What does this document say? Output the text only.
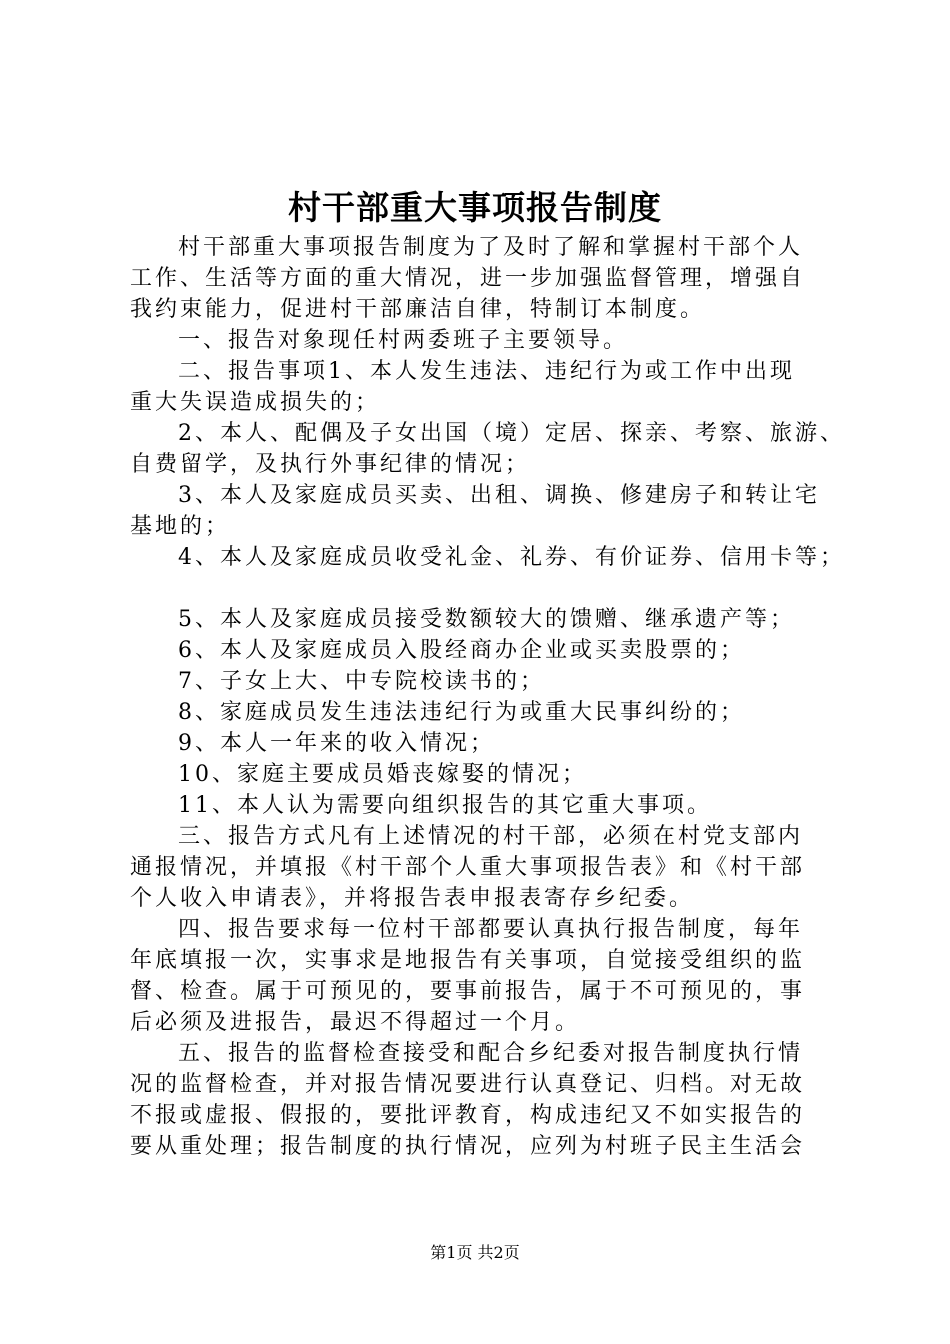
村干部重大事项报告制度

村干部重大事项报告制度为了及时了解和掌握村干部个人

工作、生活等方面的重大情况，进一步加强监督管理，增强自

我约束能力，促进村干部廉洁自律，特制订本制度。

一、报告对象现任村两委班子主要领导。

二、报告事项1、本人发生违法、违纪行为或工作中出现

重大失误造成损失的；

2、本人、配偶及子女出国（境）定居、探亲、考察、旅游、

自费留学，及执行外事纪律的情况；

3、本人及家庭成员买卖、出租、调换、修建房子和转让宅

基地的；

4、本人及家庭成员收受礼金、礼券、有价证券、信用卡等；

5、本人及家庭成员接受数额较大的馈赠、继承遗产等；

6、本人及家庭成员入股经商办企业或买卖股票的；

7、子女上大、中专院校读书的；

8、家庭成员发生违法违纪行为或重大民事纠纷的；

9、本人一年来的收入情况；

10、家庭主要成员婚丧嫁娶的情况；

11、本人认为需要向组织报告的其它重大事项。

三、报告方式凡有上述情况的村干部，必须在村党支部内

通报情况，并填报《村干部个人重大事项报告表》和《村干部

个人收入申请表》，并将报告表申报表寄存乡纪委。

四、报告要求每一位村干部都要认真执行报告制度，每年

年底填报一次，实事求是地报告有关事项，自觉接受组织的监

督、检查。属于可预见的，要事前报告，属于不可预见的，事

后必须及进报告，最迟不得超过一个月。

五、报告的监督检查接受和配合乡纪委对报告制度执行情

况的监督检查，并对报告情况要进行认真登记、归档。对无故

不报或虚报、假报的，要批评教育，构成违纪又不如实报告的

要从重处理；报告制度的执行情况，应列为村班子民主生活会

第1页 共2页
